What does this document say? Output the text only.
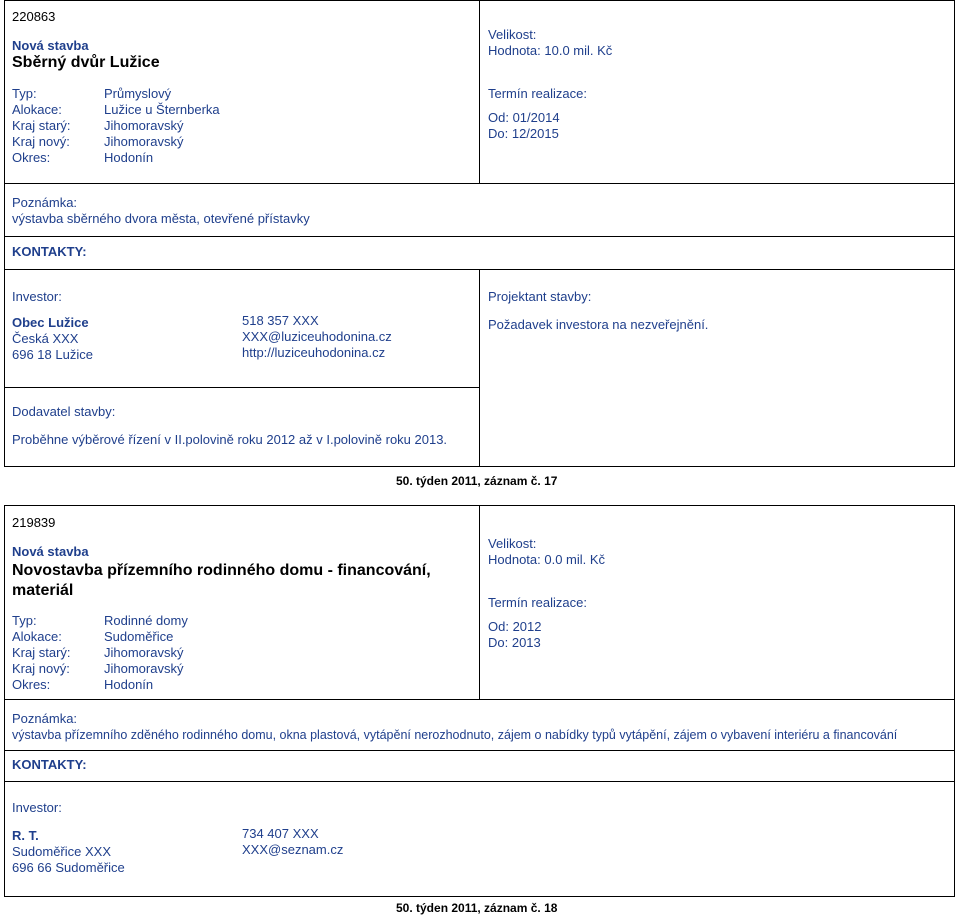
220863
Nová stavba
Sběrný dvůr Lužice
Typ:	Průmyslový
Alokace:	Lužice u Šternberka
Kraj starý:	Jihomoravský
Kraj nový:	Jihomoravský
Okres:	Hodonín
Velikost:
Hodnota: 10.0 mil. Kč
Termín realizace:
Od: 01/2014
Do: 12/2015
Poznámka:
výstavba sběrného dvora města, otevřené přístavky
KONTAKTY:
Investor:
Obec Lužice
Česká XXX
696 18 Lužice
518 357 XXX
XXX@luziceuhodonina.cz
http://luziceuhodonina.cz
Projektant stavby:
Požadavek investora na nezveřejnění.
Dodavatel stavby:
Proběhne výběrové řízení v II.polovině roku 2012 až v I.polovině roku 2013.
50. týden 2011, záznam č. 17
219839
Nová stavba
Novostavba přízemního rodinného domu - financování, materiál
Typ:	Rodinné domy
Alokace:	Sudoměřice
Kraj starý:	Jihomoravský
Kraj nový:	Jihomoravský
Okres:	Hodonín
Velikost:
Hodnota: 0.0 mil. Kč
Termín realizace:
Od: 2012
Do: 2013
Poznámka:
výstavba přízemního zděného rodinného domu, okna plastová, vytápění nerozhodnuto, zájem o nabídky typů vytápění, zájem o vybavení interiéru a financování
KONTAKTY:
Investor:
R. T.
Sudoměřice XXX
696 66 Sudoměřice
734 407 XXX
XXX@seznam.cz
50. týden 2011, záznam č. 18
